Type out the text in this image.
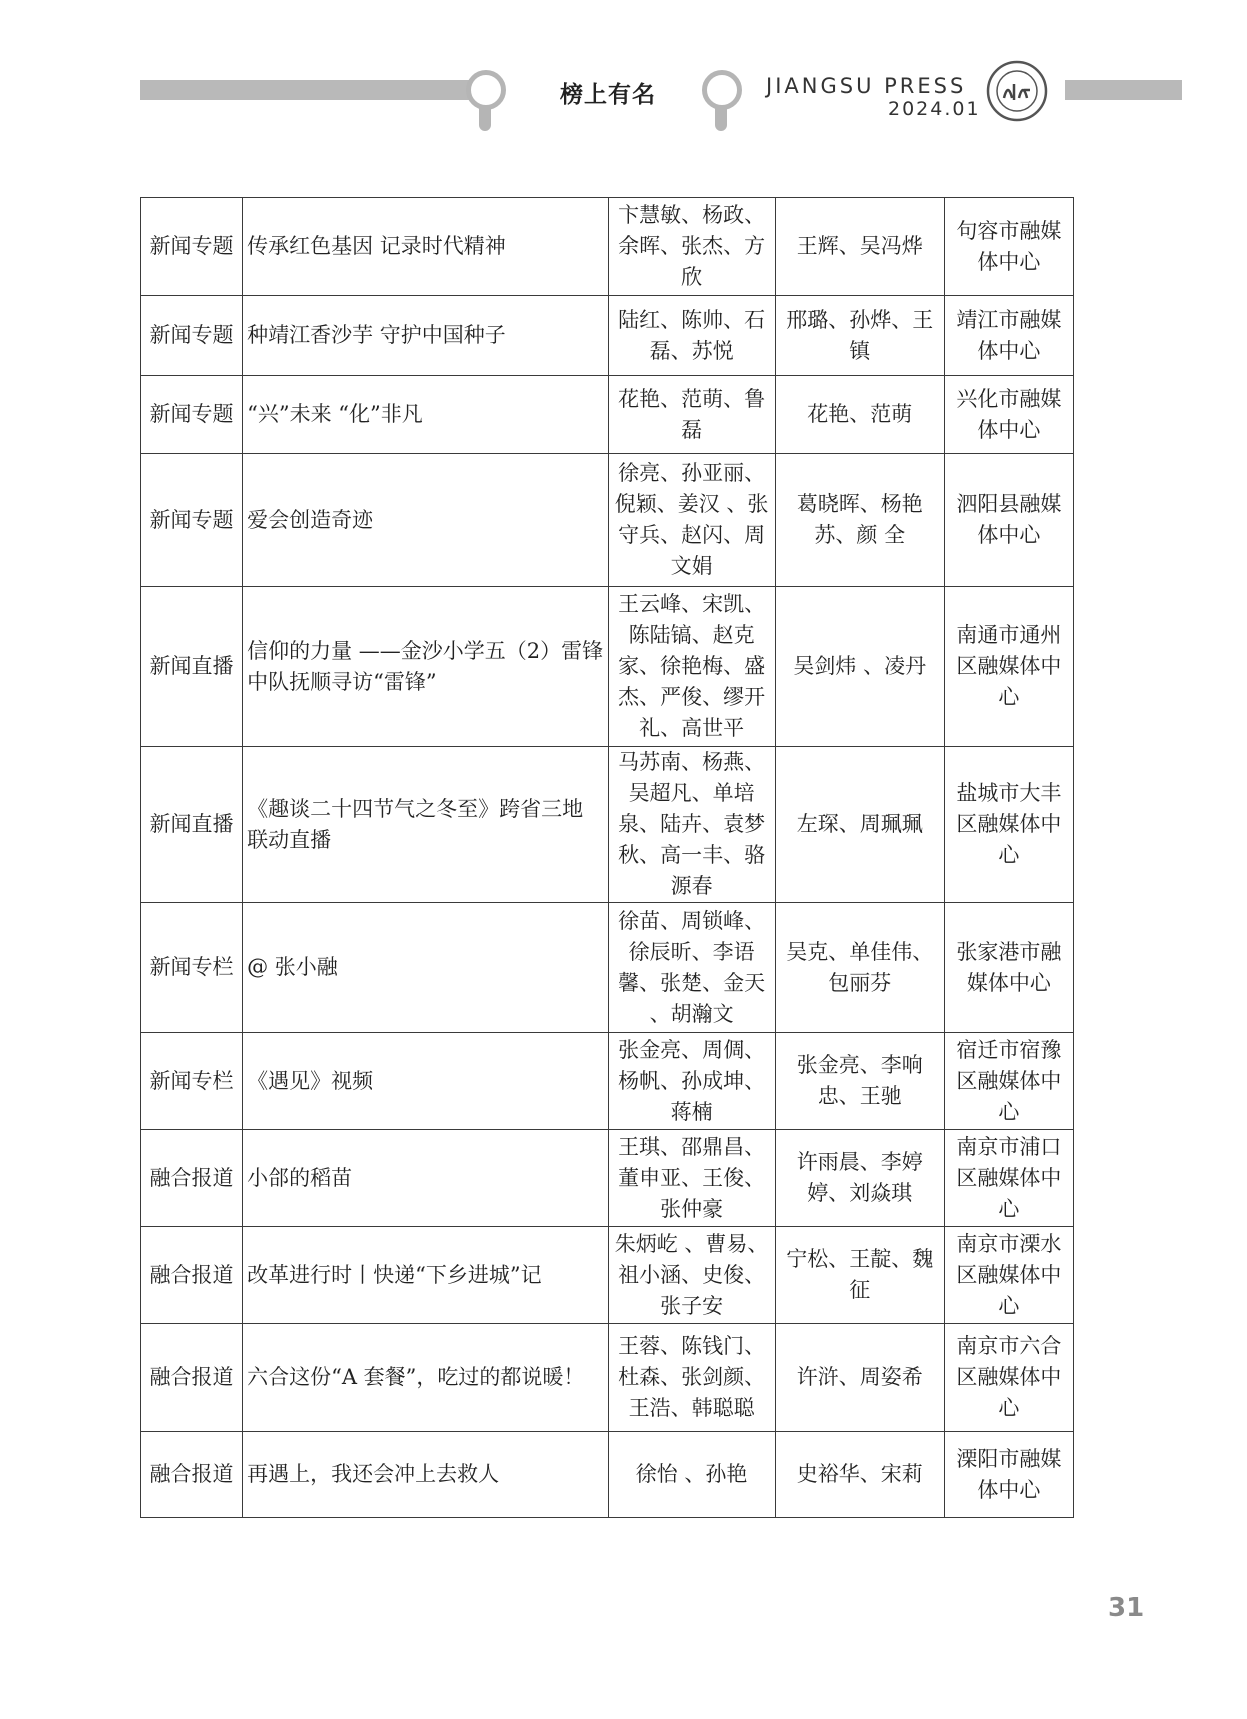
榜上有名	JIANGSU PRESS
2024.01
新闻专题	传承红色基因 记录时代精神	卞慧敏、杨政、余晖、张杰、方欣	王辉、吴冯烨	句容市融媒体中心
新闻专题	种靖江香沙芋 守护中国种子	陆红、陈帅、石磊、苏悦	邢璐、孙烨、王镇	靖江市融媒体中心
新闻专题	“兴”未来 “化”非凡	花艳、范萌、鲁磊	花艳、范萌	兴化市融媒体中心
新闻专题	爱会创造奇迹	徐亮、孙亚丽、倪颖、姜汉 、张守兵、赵闪、周文娟	葛晓晖、杨艳苏、颜 全	泗阳县融媒体中心
新闻直播	信仰的力量 ——金沙小学五（2）雷锋中队抚顺寻访“雷锋”	王云峰、宋凯、陈陆镐、赵克家、徐艳梅、盛杰、严俊、缪开礼、高世平	吴剑炜 、凌丹	南通市通州区融媒体中心
新闻直播	《趣谈二十四节气之冬至》跨省三地联动直播	马苏南、杨燕、吴超凡、单培泉、陆卉、袁梦秋、高一丰、骆源春	左琛、周珮珮	盐城市大丰区融媒体中心
新闻专栏	@ 张小融	徐苗、周锁峰、徐辰昕、李语馨、张楚、金天 、胡瀚文	吴克、单佳伟、包丽芬	张家港市融媒体中心
新闻专栏	《遇见》视频	张金亮、周倜、杨帆、孙成坤、蒋楠	张金亮、李响忠、王驰	宿迁市宿豫区融媒体中心
融合报道	小郃的稻苗	王琪、邵鼎昌、董申亚、王俊、张仲豪	许雨晨、李婷婷、刘焱琪	南京市浦口区融媒体中心
融合报道	改革进行时丨快递“下乡进城”记	朱炳屹 、曹易、祖小涵、史俊、张子安	宁松、王靛、魏征	南京市溧水区融媒体中心
融合报道	六合这份“A 套餐”，吃过的都说暖！	王蓉、陈钱门、杜森、张剑颜、王浩、韩聪聪	许浒、周姿希	南京市六合区融媒体中心
融合报道	再遇上，我还会冲上去救人	徐怡 、孙艳	史裕华、宋莉	溧阳市融媒体中心
31
